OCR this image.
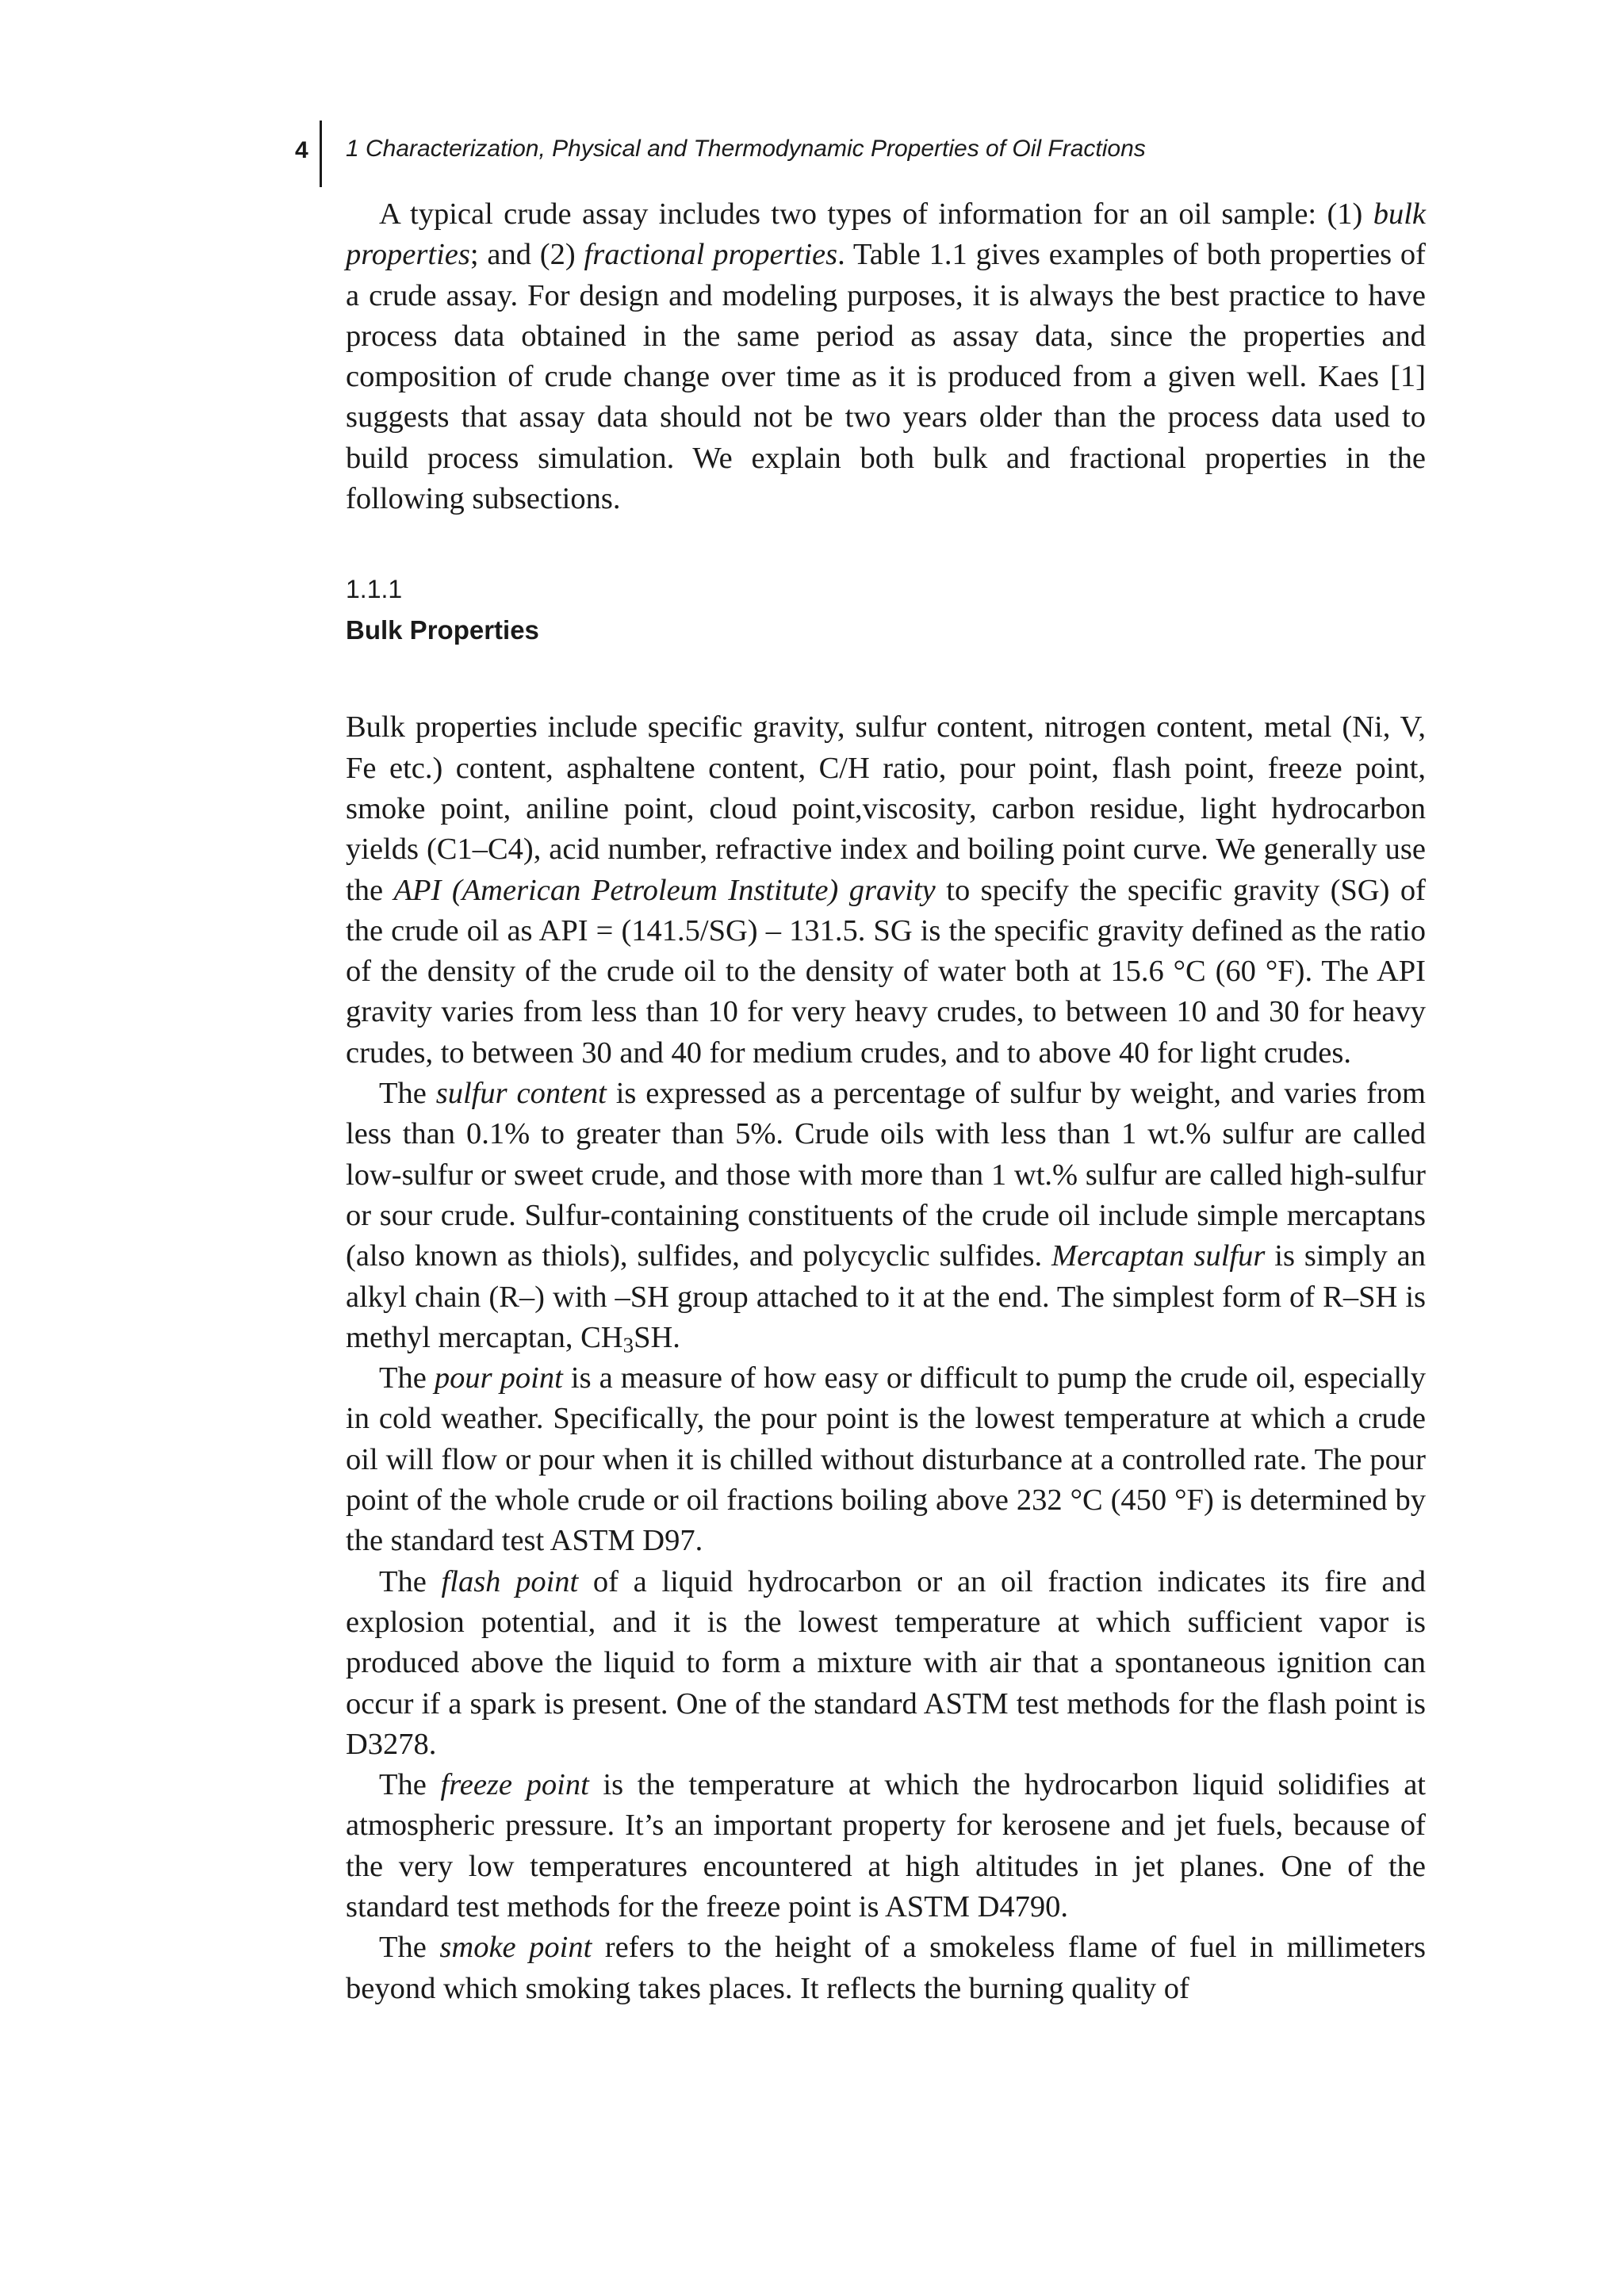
4 1 Characterization, Physical and Thermodynamic Properties of Oil Fractions

A typical crude assay includes two types of information for an oil sample: (1) bulk properties; and (2) fractional properties. Table 1.1 gives examples of both properties of a crude assay. For design and modeling purposes, it is always the best practice to have process data obtained in the same period as assay data, since the properties and composition of crude change over time as it is produced from a given well. Kaes [1] suggests that assay data should not be two years older than the process data used to build process simulation. We explain both bulk and fractional properties in the following subsections.

1.1.1
Bulk Properties

Bulk properties include specific gravity, sulfur content, nitrogen content, metal (Ni, V, Fe etc.) content, asphaltene content, C/H ratio, pour point, flash point, freeze point, smoke point, aniline point, cloud point,viscosity, carbon residue, light hydrocarbon yields (C1–C4), acid number, refractive index and boiling point curve. We generally use the API (American Petroleum Institute) gravity to specify the specific gravity (SG) of the crude oil as API = (141.5/SG) – 131.5. SG is the specific gravity defined as the ratio of the density of the crude oil to the density of water both at 15.6 °C (60 °F). The API gravity varies from less than 10 for very heavy crudes, to between 10 and 30 for heavy crudes, to between 30 and 40 for medium crudes, and to above 40 for light crudes.

The sulfur content is expressed as a percentage of sulfur by weight, and varies from less than 0.1% to greater than 5%. Crude oils with less than 1 wt.% sulfur are called low-sulfur or sweet crude, and those with more than 1 wt.% sulfur are called high-sulfur or sour crude. Sulfur-containing constituents of the crude oil include simple mercaptans (also known as thiols), sulfides, and polycyclic sulfides. Mercaptan sulfur is simply an alkyl chain (R–) with –SH group attached to it at the end. The simplest form of R–SH is methyl mercaptan, $CH_3SH$.

The pour point is a measure of how easy or difficult to pump the crude oil, especially in cold weather. Specifically, the pour point is the lowest temperature at which a crude oil will flow or pour when it is chilled without disturbance at a controlled rate. The pour point of the whole crude or oil fractions boiling above 232 °C (450 °F) is determined by the standard test ASTM D97.

The flash point of a liquid hydrocarbon or an oil fraction indicates its fire and explosion potential, and it is the lowest temperature at which sufficient vapor is produced above the liquid to form a mixture with air that a spontaneous ignition can occur if a spark is present. One of the standard ASTM test methods for the flash point is D3278.

The freeze point is the temperature at which the hydrocarbon liquid solidifies at atmospheric pressure. It’s an important property for kerosene and jet fuels, because of the very low temperatures encountered at high altitudes in jet planes. One of the standard test methods for the freeze point is ASTM D4790.

The smoke point refers to the height of a smokeless flame of fuel in millimeters beyond which smoking takes places. It reflects the burning quality of
